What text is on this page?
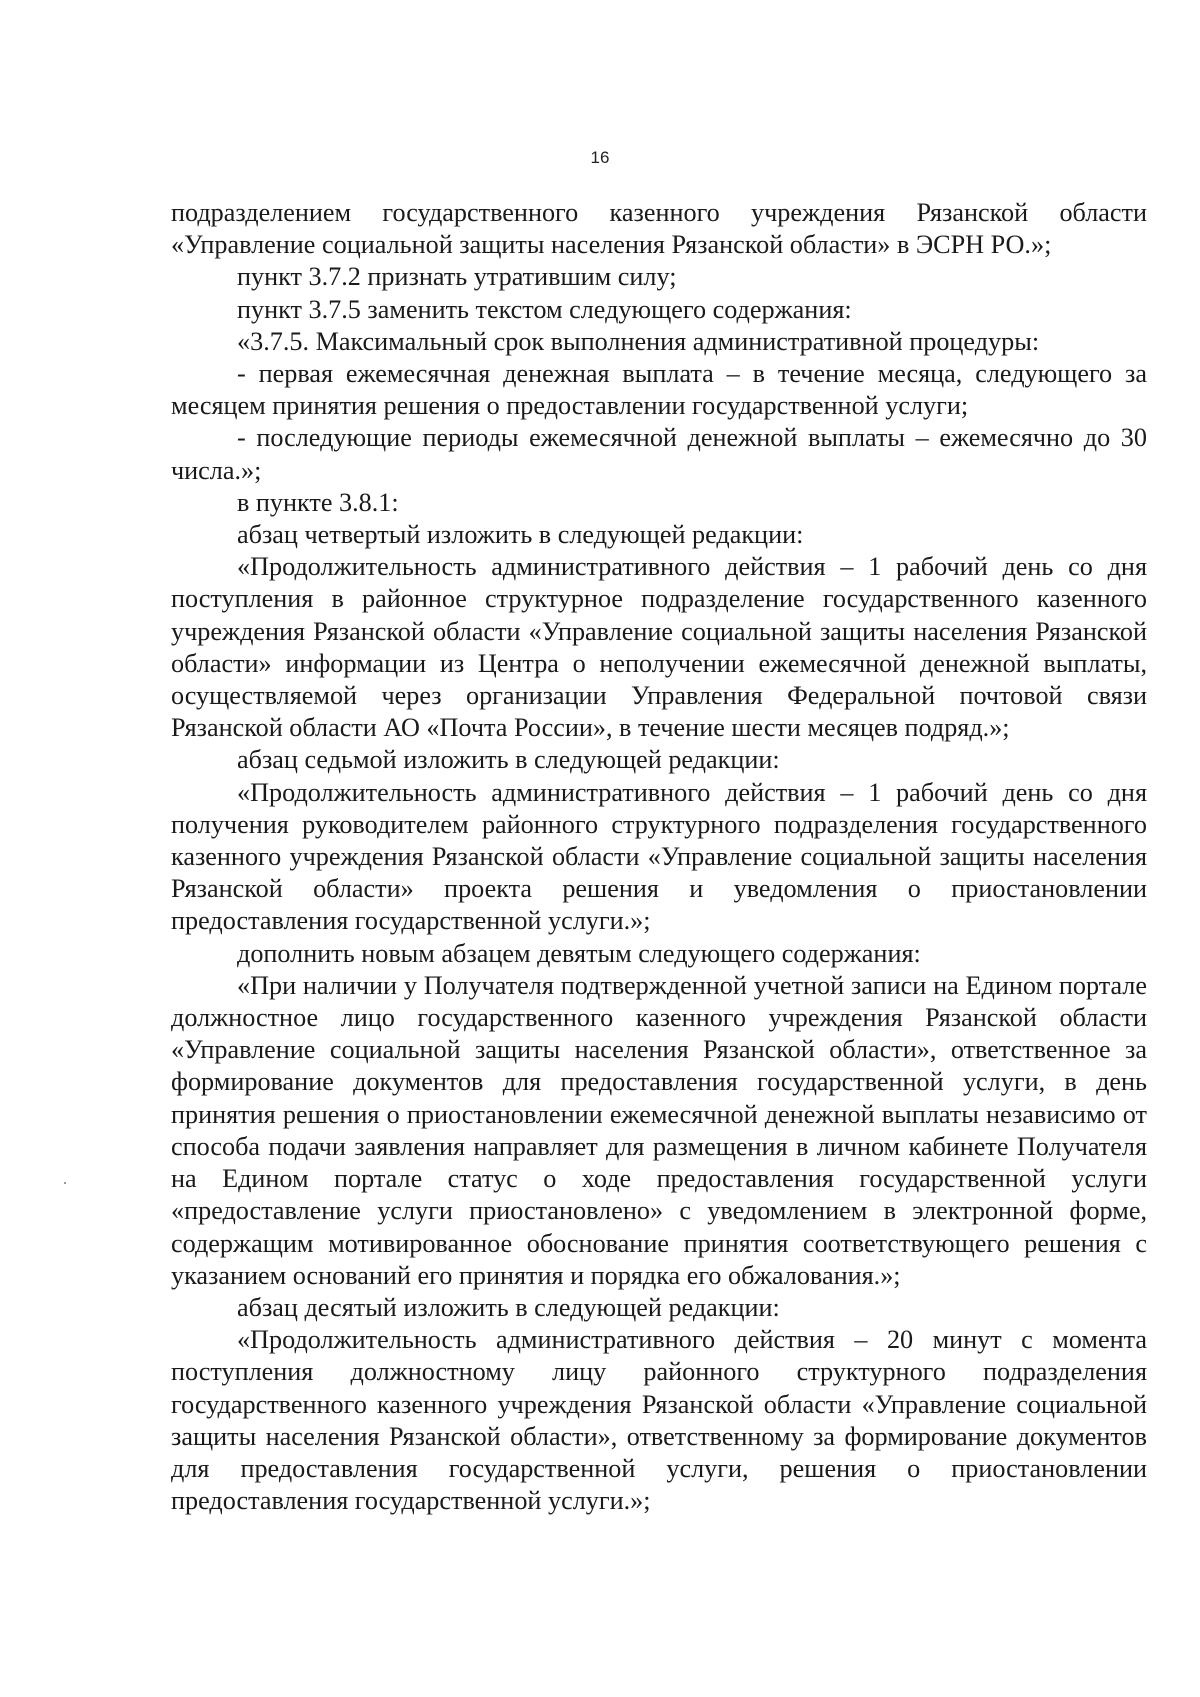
16

подразделением государственного казенного учреждения Рязанской области «Управление социальной защиты населения Рязанской области» в ЭСРН РО.»;

пункт 3.7.2 признать утратившим силу;

пункт 3.7.5 заменить текстом следующего содержания:

«3.7.5. Максимальный срок выполнения административной процедуры:

- первая ежемесячная денежная выплата – в течение месяца, следующего за месяцем принятия решения о предоставлении государственной услуги;

- последующие периоды ежемесячной денежной выплаты – ежемесячно до 30 числа.»;

в пункте 3.8.1:

абзац четвертый изложить в следующей редакции:

«Продолжительность административного действия – 1 рабочий день со дня поступления в районное структурное подразделение государственного казенного учреждения Рязанской области «Управление социальной защиты населения Рязанской области» информации из Центра о неполучении ежемесячной денежной выплаты, осуществляемой через организации Управления Федеральной почтовой связи Рязанской области АО «Почта России», в течение шести месяцев подряд.»;

абзац седьмой изложить в следующей редакции:

«Продолжительность административного действия – 1 рабочий день со дня получения руководителем районного структурного подразделения государственного казенного учреждения Рязанской области «Управление социальной защиты населения Рязанской области» проекта решения и уведомления о приостановлении предоставления государственной услуги.»;

дополнить новым абзацем девятым следующего содержания:

«При наличии у Получателя подтвержденной учетной записи на Едином портале должностное лицо государственного казенного учреждения Рязанской области «Управление социальной защиты населения Рязанской области», ответственное за формирование документов для предоставления государственной услуги, в день принятия решения о приостановлении ежемесячной денежной выплаты независимо от способа подачи заявления направляет для размещения в личном кабинете Получателя на Едином портале статус о ходе предоставления государственной услуги «предоставление услуги приостановлено» с уведомлением в электронной форме, содержащим мотивированное обоснование принятия соответствующего решения с указанием оснований его принятия и порядка его обжалования.»;

абзац десятый изложить в следующей редакции:

«Продолжительность административного действия – 20 минут с момента поступления должностному лицу районного структурного подразделения государственного казенного учреждения Рязанской области «Управление социальной защиты населения Рязанской области», ответственному за формирование документов для предоставления государственной услуги, решения о приостановлении предоставления государственной услуги.»;
